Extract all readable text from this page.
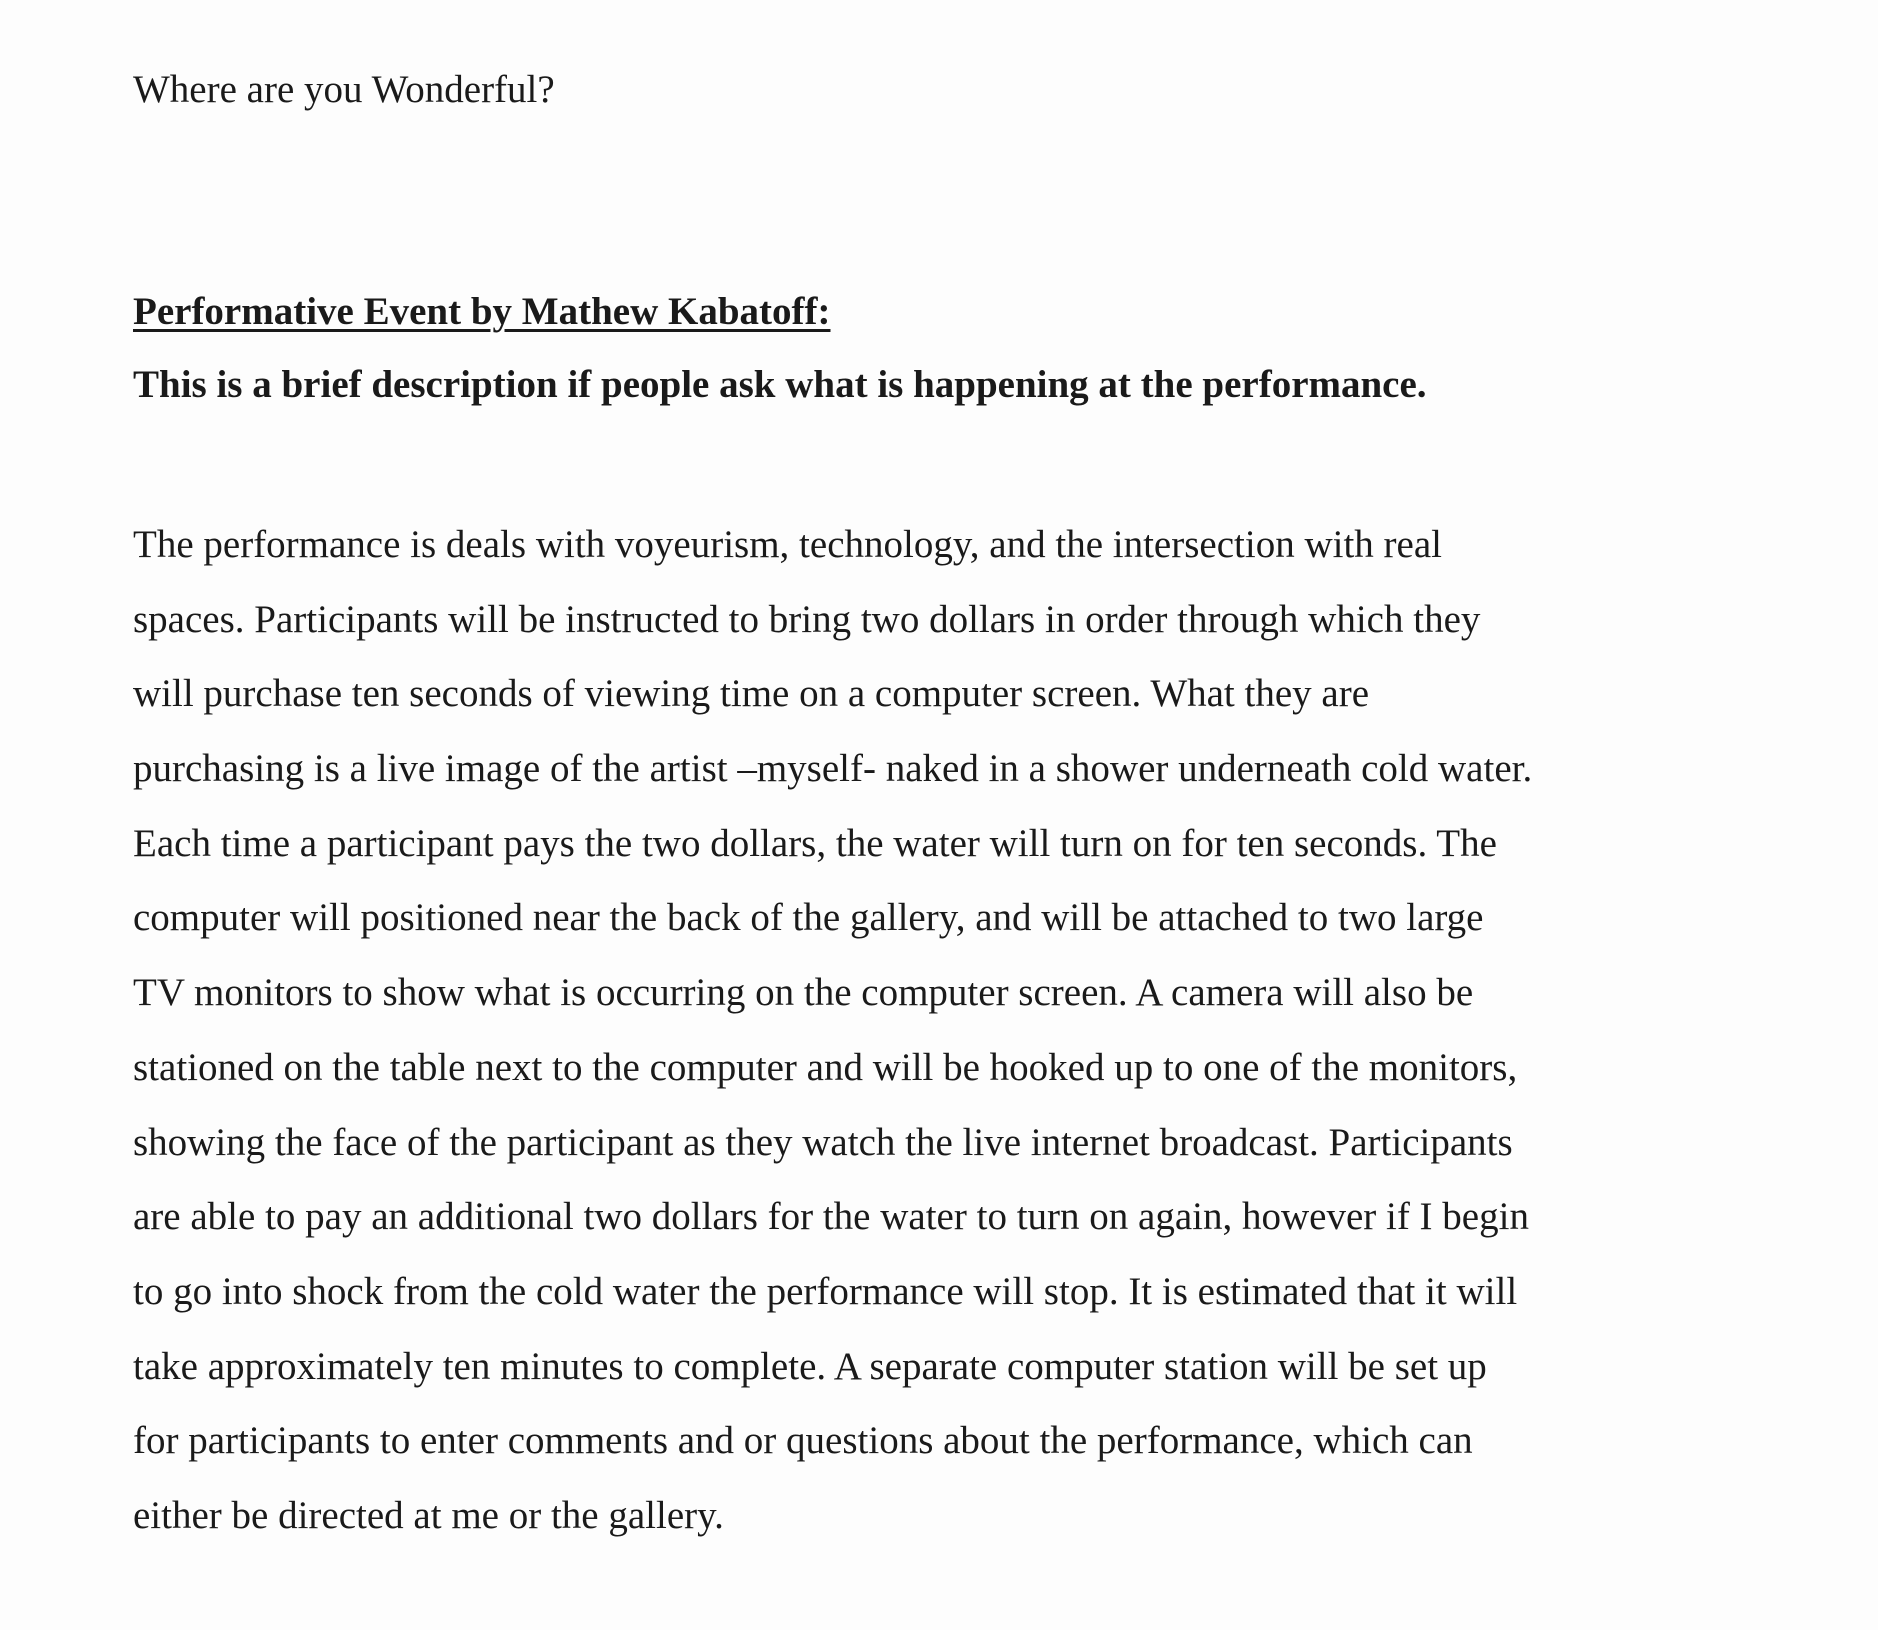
Where are you Wonderful?

Performative Event by Mathew Kabatoff:

This is a brief description if people ask what is happening at the performance.

The performance is deals with voyeurism, technology, and the intersection with real
spaces. Participants will be instructed to bring two dollars in order through which they
will purchase ten seconds of viewing time on a computer screen. What they are
purchasing is a live image of the artist –myself- naked in a shower underneath cold water.
Each time a participant pays the two dollars, the water will turn on for ten seconds. The
computer will positioned near the back of the gallery, and will be attached to two large
TV monitors to show what is occurring on the computer screen. A camera will also be
stationed on the table next to the computer and will be hooked up to one of the monitors,
showing the face of the participant as they watch the live internet broadcast. Participants
are able to pay an additional two dollars for the water to turn on again, however if I begin
to go into shock from the cold water the performance will stop. It is estimated that it will
take approximately ten minutes to complete. A separate computer station will be set up
for participants to enter comments and or questions about the performance, which can
either be directed at me or the gallery.
